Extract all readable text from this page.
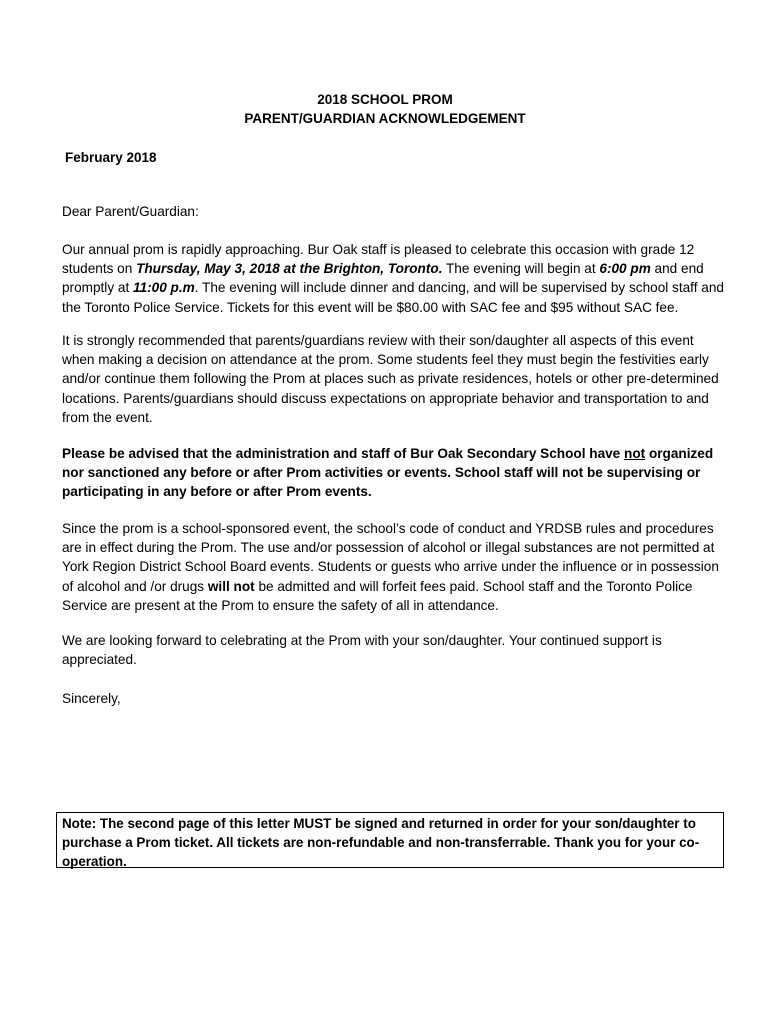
2018 SCHOOL PROM
PARENT/GUARDIAN ACKNOWLEDGEMENT
February 2018

Dear Parent/Guardian:

Our annual prom is rapidly approaching. Bur Oak staff is pleased to celebrate this occasion with grade 12 students on Thursday, May 3, 2018 at the Brighton, Toronto. The evening will begin at 6:00 pm and end promptly at 11:00 p.m. The evening will include dinner and dancing, and will be supervised by school staff and the Toronto Police Service. Tickets for this event will be $80.00 with SAC fee and $95 without SAC fee.

It is strongly recommended that parents/guardians review with their son/daughter all aspects of this event when making a decision on attendance at the prom. Some students feel they must begin the festivities early and/or continue them following the Prom at places such as private residences, hotels or other pre-determined locations. Parents/guardians should discuss expectations on appropriate behavior and transportation to and from the event.

Please be advised that the administration and staff of Bur Oak Secondary School have not organized nor sanctioned any before or after Prom activities or events. School staff will not be supervising or participating in any before or after Prom events.

Since the prom is a school-sponsored event, the school’s code of conduct and YRDSB rules and procedures are in effect during the Prom. The use and/or possession of alcohol or illegal substances are not permitted at York Region District School Board events. Students or guests who arrive under the influence or in possession of alcohol and /or drugs will not be admitted and will forfeit fees paid. School staff and the Toronto Police Service are present at the Prom to ensure the safety of all in attendance.

We are looking forward to celebrating at the Prom with your son/daughter. Your continued support is appreciated.

Sincerely,

Note: The second page of this letter MUST be signed and returned in order for your son/daughter to purchase a Prom ticket. All tickets are non-refundable and non-transferrable. Thank you for your co-operation.
